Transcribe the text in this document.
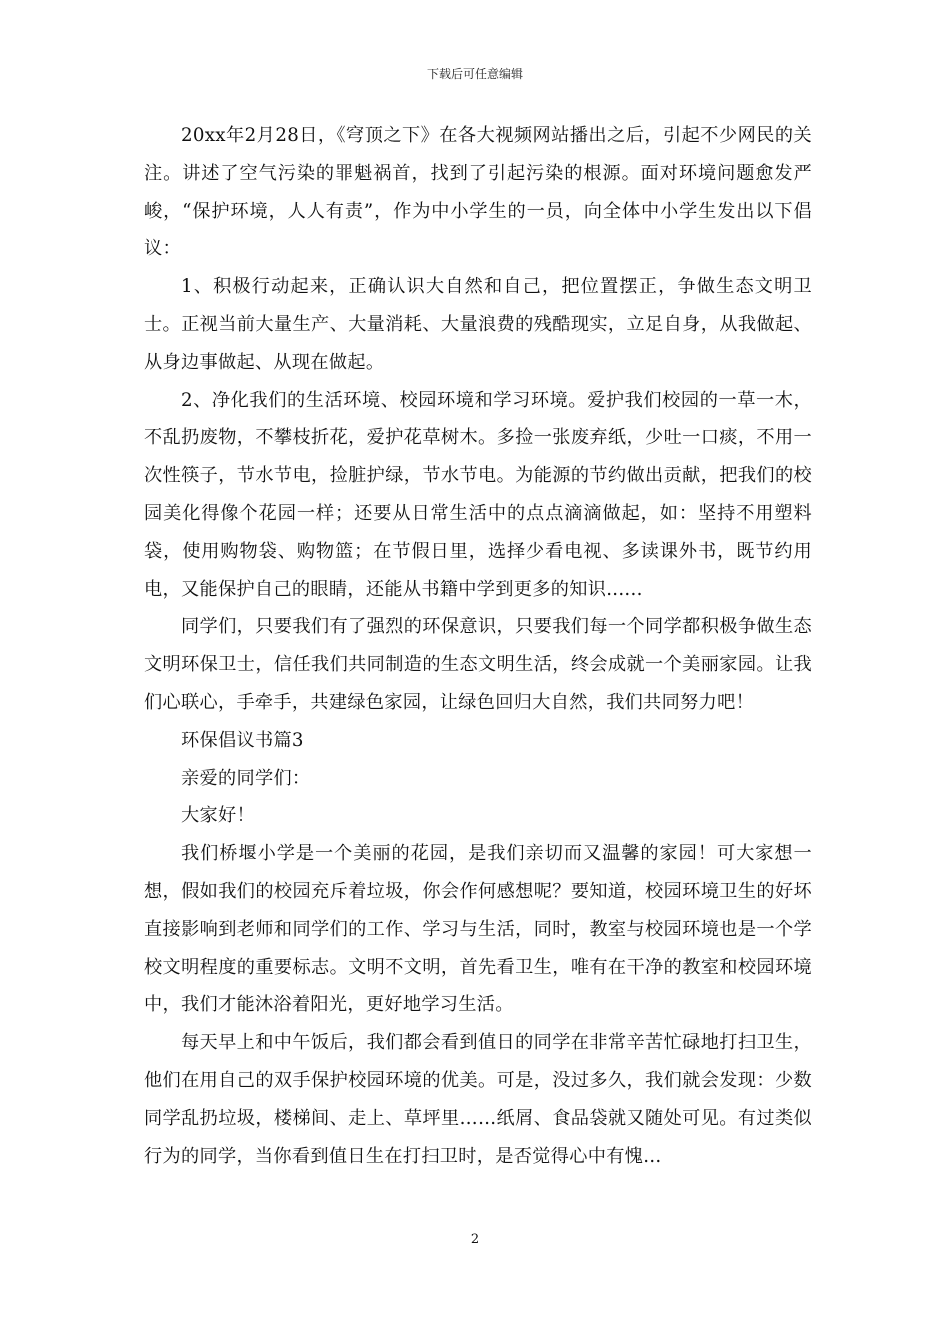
下载后可任意编辑

20xx年2月28日，《穹顶之下》在各大视频网站播出之后，引起不少网民的关注。讲述了空气污染的罪魁祸首，找到了引起污染的根源。面对环境问题愈发严峻，“保护环境，人人有责”，作为中小学生的一员，向全体中小学生发出以下倡议：

1、积极行动起来，正确认识大自然和自己，把位置摆正，争做生态文明卫士。正视当前大量生产、大量消耗、大量浪费的残酷现实，立足自身，从我做起、从身边事做起、从现在做起。

2、净化我们的生活环境、校园环境和学习环境。爱护我们校园的一草一木，不乱扔废物，不攀枝折花，爱护花草树木。多捡一张废弃纸，少吐一口痰，不用一次性筷子，节水节电，捡脏护绿，节水节电。为能源的节约做出贡献，把我们的校园美化得像个花园一样；还要从日常生活中的点点滴滴做起，如：坚持不用塑料袋，使用购物袋、购物篮；在节假日里，选择少看电视、多读课外书，既节约用电，又能保护自己的眼睛，还能从书籍中学到更多的知识......

同学们，只要我们有了强烈的环保意识，只要我们每一个同学都积极争做生态文明环保卫士，信任我们共同制造的生态文明生活，终会成就一个美丽家园。让我们心联心，手牵手，共建绿色家园，让绿色回归大自然，我们共同努力吧！

环保倡议书篇3

亲爱的同学们：

大家好！

我们桥堰小学是一个美丽的花园，是我们亲切而又温馨的家园！可大家想一想，假如我们的校园充斥着垃圾，你会作何感想呢？要知道，校园环境卫生的好坏直接影响到老师和同学们的工作、学习与生活，同时，教室与校园环境也是一个学校文明程度的重要标志。文明不文明，首先看卫生，唯有在干净的教室和校园环境中，我们才能沐浴着阳光，更好地学习生活。

每天早上和中午饭后，我们都会看到值日的同学在非常辛苦忙碌地打扫卫生，他们在用自己的双手保护校园环境的优美。可是，没过多久，我们就会发现：少数同学乱扔垃圾，楼梯间、走上、草坪里……纸屑、食品袋就又随处可见。有过类似行为的同学，当你看到值日生在打扫卫时，是否觉得心中有愧…

2
